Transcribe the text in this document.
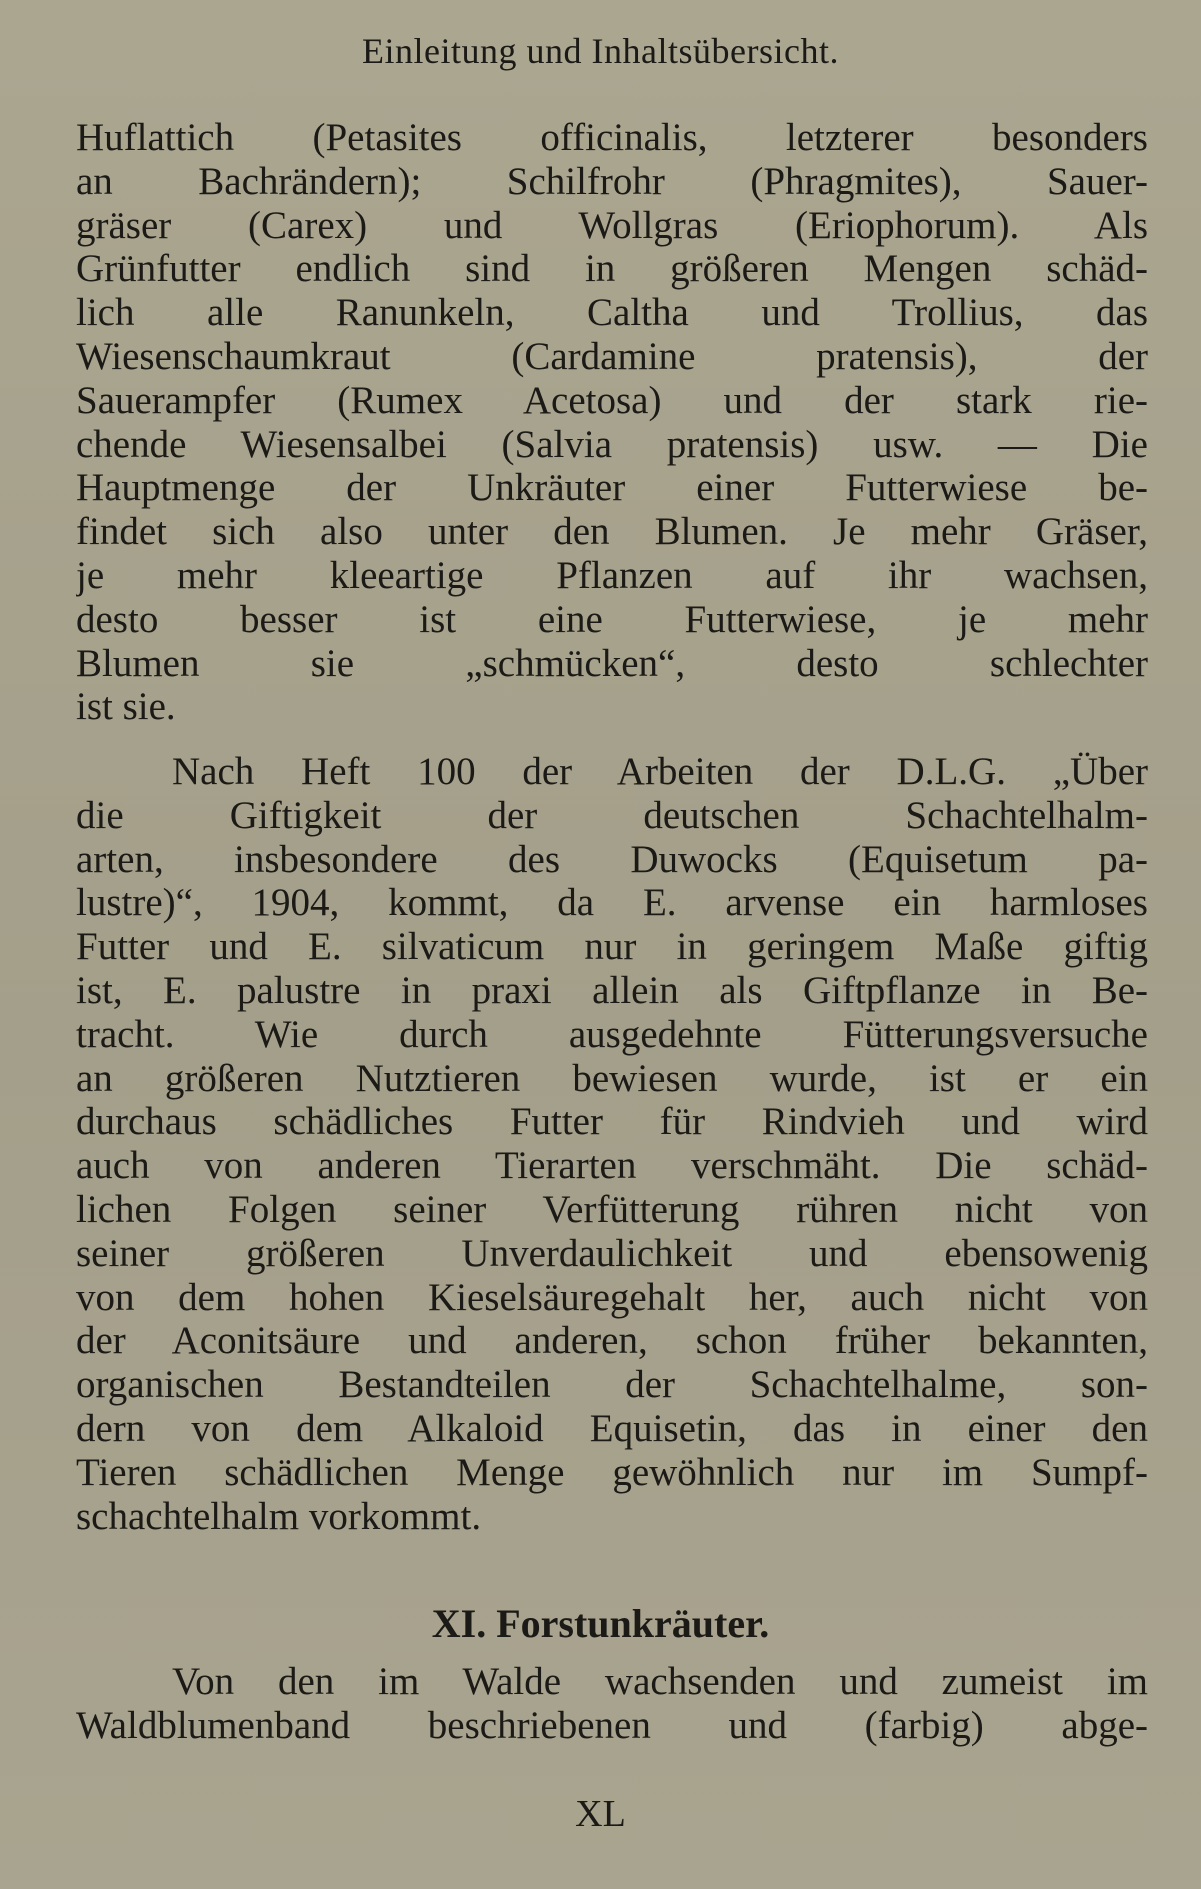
Einleitung und Inhaltsübersicht.
Huflattich (Petasites officinalis, letzterer besonders
an Bachrändern); Schilfrohr (Phragmites), Sauer-
gräser (Carex) und Wollgras (Eriophorum). Als
Grünfutter endlich sind in größeren Mengen schäd-
lich alle Ranunkeln, Caltha und Trollius, das
Wiesenschaumkraut (Cardamine pratensis), der
Sauerampfer (Rumex Acetosa) und der stark rie-
chende Wiesensalbei (Salvia pratensis) usw. — Die
Hauptmenge der Unkräuter einer Futterwiese be-
findet sich also unter den Blumen. Je mehr Gräser,
je mehr kleeartige Pflanzen auf ihr wachsen,
desto besser ist eine Futterwiese, je mehr
Blumen sie „schmücken“, desto schlechter
ist sie.
Nach Heft 100 der Arbeiten der D.L.G. „Über
die Giftigkeit der deutschen Schachtelhalm-
arten, insbesondere des Duwocks (Equisetum pa-
lustre)“, 1904, kommt, da E. arvense ein harmloses
Futter und E. silvaticum nur in geringem Maße giftig
ist, E. palustre in praxi allein als Giftpflanze in Be-
tracht. Wie durch ausgedehnte Fütterungsversuche
an größeren Nutztieren bewiesen wurde, ist er ein
durchaus schädliches Futter für Rindvieh und wird
auch von anderen Tierarten verschmäht. Die schäd-
lichen Folgen seiner Verfütterung rühren nicht von
seiner größeren Unverdaulichkeit und ebensowenig
von dem hohen Kieselsäuregehalt her, auch nicht von
der Aconitsäure und anderen, schon früher bekannten,
organischen Bestandteilen der Schachtelhalme, son-
dern von dem Alkaloid Equisetin, das in einer den
Tieren schädlichen Menge gewöhnlich nur im Sumpf-
schachtelhalm vorkommt.
XI. Forstunkräuter.
Von den im Walde wachsenden und zumeist im
Waldblumenband beschriebenen und (farbig) abge-
XL
